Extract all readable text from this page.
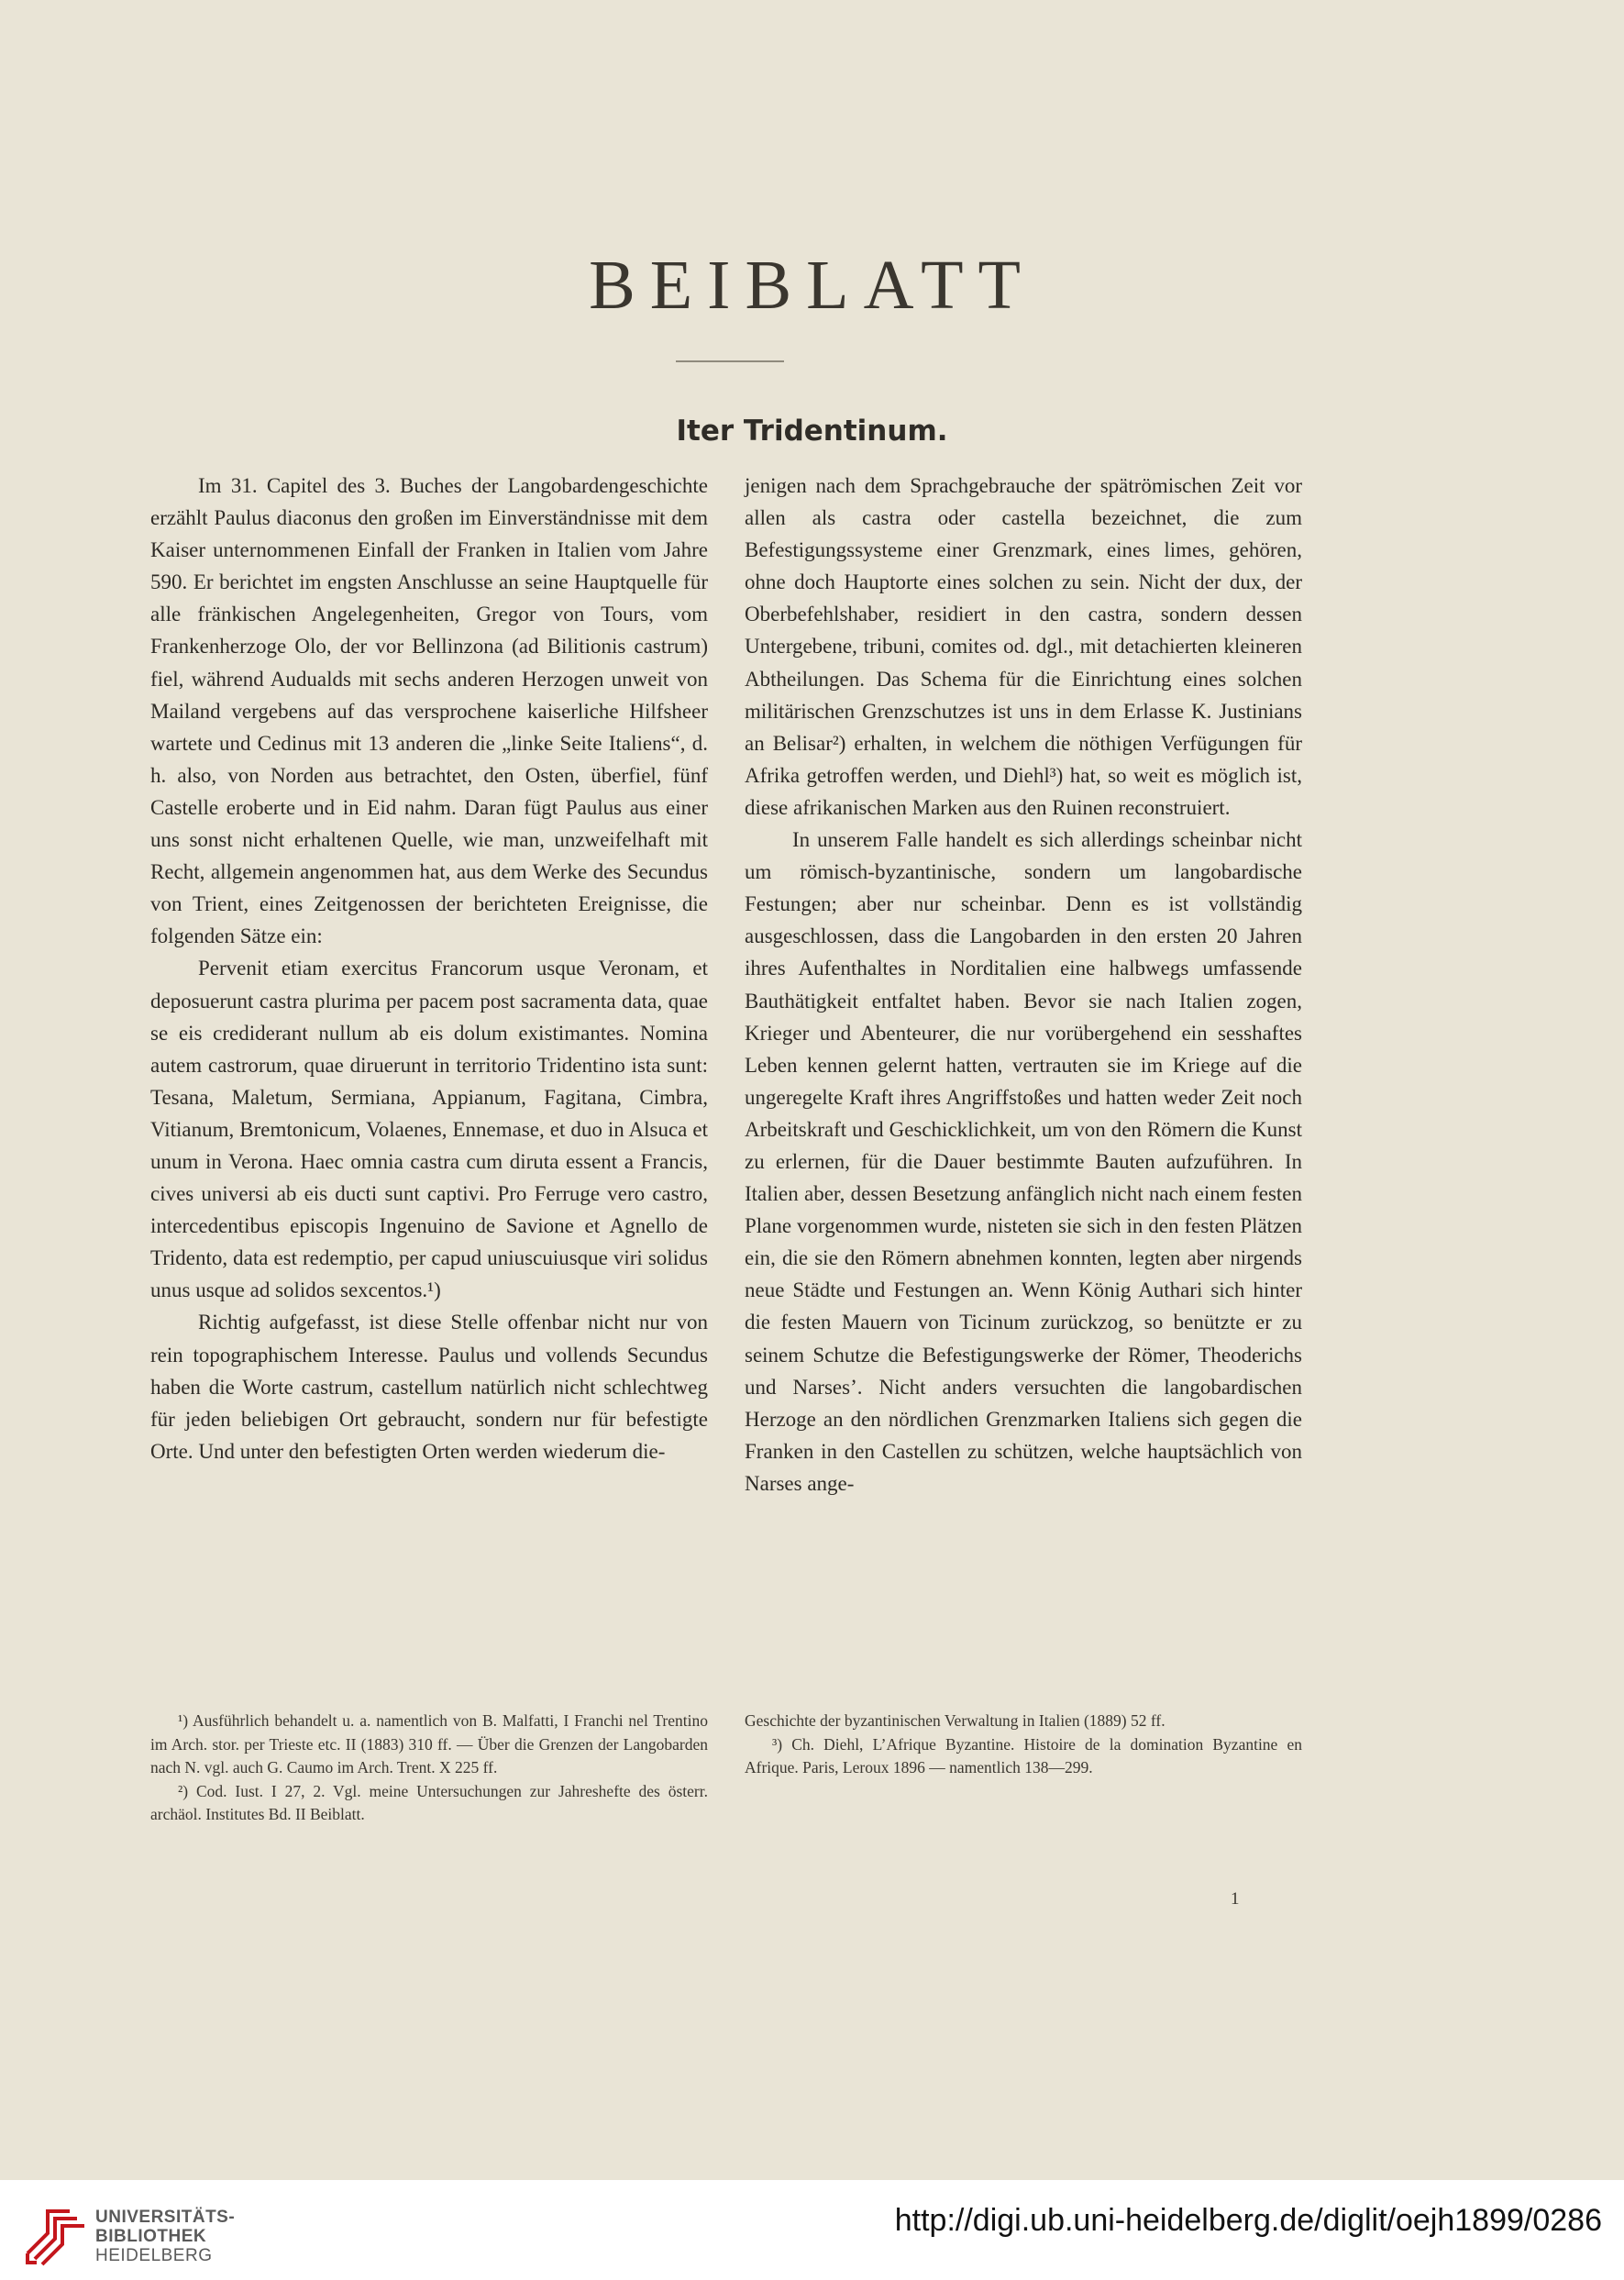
BEIBLATT
Iter Tridentinum.

Im 31. Capitel des 3. Buches der Langobardengeschichte erzählt Paulus diaconus den großen im Einverständnisse mit dem Kaiser unternommenen Einfall der Franken in Italien vom Jahre 590. Er berichtet im engsten Anschlusse an seine Hauptquelle für alle fränkischen Angelegenheiten, Gregor von Tours, vom Frankenherzoge Olo, der vor Bellinzona (ad Bilitionis castrum) fiel, während Audualds mit sechs anderen Herzogen unweit von Mailand vergebens auf das versprochene kaiserliche Hilfsheer wartete und Cedinus mit 13 anderen die „linke Seite Italiens“, d. h. also, von Norden aus betrachtet, den Osten, überfiel, fünf Castelle eroberte und in Eid nahm. Daran fügt Paulus aus einer uns sonst nicht erhaltenen Quelle, wie man, unzweifelhaft mit Recht, allgemein angenommen hat, aus dem Werke des Secundus von Trient, eines Zeitgenossen der berichteten Ereignisse, die folgenden Sätze ein:

Pervenit etiam exercitus Francorum usque Veronam, et deposuerunt castra plurima per pacem post sacramenta data, quae se eis crediderant nullum ab eis dolum existimantes. Nomina autem castrorum, quae diruerunt in territorio Tridentino ista sunt: Tesana, Maletum, Sermiana, Appianum, Fagitana, Cimbra, Vitianum, Bremtonicum, Volaenes, Ennemase, et duo in Alsuca et unum in Verona. Haec omnia castra cum diruta essent a Francis, cives universi ab eis ducti sunt captivi. Pro Ferruge vero castro, intercedentibus episcopis Ingenuino de Savione et Agnello de Tridento, data est redemptio, per capud uniuscuiusque viri solidus unus usque ad solidos sexcentos.¹)

Richtig aufgefasst, ist diese Stelle offenbar nicht nur von rein topographischem Interesse. Paulus und vollends Secundus haben die Worte castrum, castellum natürlich nicht schlechtweg für jeden beliebigen Ort gebraucht, sondern nur für befestigte Orte. Und unter den befestigten Orten werden wiederum die-

jenigen nach dem Sprachgebrauche der spätrömischen Zeit vor allen als castra oder castella bezeichnet, die zum Befestigungssysteme einer Grenzmark, eines limes, gehören, ohne doch Hauptorte eines solchen zu sein. Nicht der dux, der Oberbefehlshaber, residiert in den castra, sondern dessen Untergebene, tribuni, comites od. dgl., mit detachierten kleineren Abtheilungen. Das Schema für die Einrichtung eines solchen militärischen Grenzschutzes ist uns in dem Erlasse K. Justinians an Belisar²) erhalten, in welchem die nöthigen Verfügungen für Afrika getroffen werden, und Diehl³) hat, so weit es möglich ist, diese afrikanischen Marken aus den Ruinen reconstruiert.

In unserem Falle handelt es sich allerdings scheinbar nicht um römisch-byzantinische, sondern um langobardische Festungen; aber nur scheinbar. Denn es ist vollständig ausgeschlossen, dass die Langobarden in den ersten 20 Jahren ihres Aufenthaltes in Norditalien eine halbwegs umfassende Bauthätigkeit entfaltet haben. Bevor sie nach Italien zogen, Krieger und Abenteurer, die nur vorübergehend ein sesshaftes Leben kennen gelernt hatten, vertrauten sie im Kriege auf die ungeregelte Kraft ihres Angriffstoßes und hatten weder Zeit noch Arbeitskraft und Geschicklichkeit, um von den Römern die Kunst zu erlernen, für die Dauer bestimmte Bauten aufzuführen. In Italien aber, dessen Besetzung anfänglich nicht nach einem festen Plane vorgenommen wurde, nisteten sie sich in den festen Plätzen ein, die sie den Römern abnehmen konnten, legten aber nirgends neue Städte und Festungen an. Wenn König Authari sich hinter die festen Mauern von Ticinum zurückzog, so benützte er zu seinem Schutze die Befestigungswerke der Römer, Theoderichs und Narses’. Nicht anders versuchten die langobardischen Herzoge an den nördlichen Grenzmarken Italiens sich gegen die Franken in den Castellen zu schützen, welche hauptsächlich von Narses ange-

¹) Ausführlich behandelt u. a. namentlich von B. Malfatti, I Franchi nel Trentino im Arch. stor. per Trieste etc. II (1883) 310 ff. — Über die Grenzen der Langobarden nach N. vgl. auch G. Caumo im Arch. Trent. X 225 ff.

²) Cod. Iust. I 27, 2. Vgl. meine Untersuchungen zur Jahreshefte des österr. archäol. Institutes Bd. II Beiblatt.

Geschichte der byzantinischen Verwaltung in Italien (1889) 52 ff.

³) Ch. Diehl, L’Afrique Byzantine. Histoire de la domination Byzantine en Afrique. Paris, Leroux 1896 — namentlich 138—299.

1
UNIVERSITÄTS-
BIBLIOTHEK
HEIDELBERG
http://digi.ub.uni-heidelberg.de/diglit/oejh1899/0286
